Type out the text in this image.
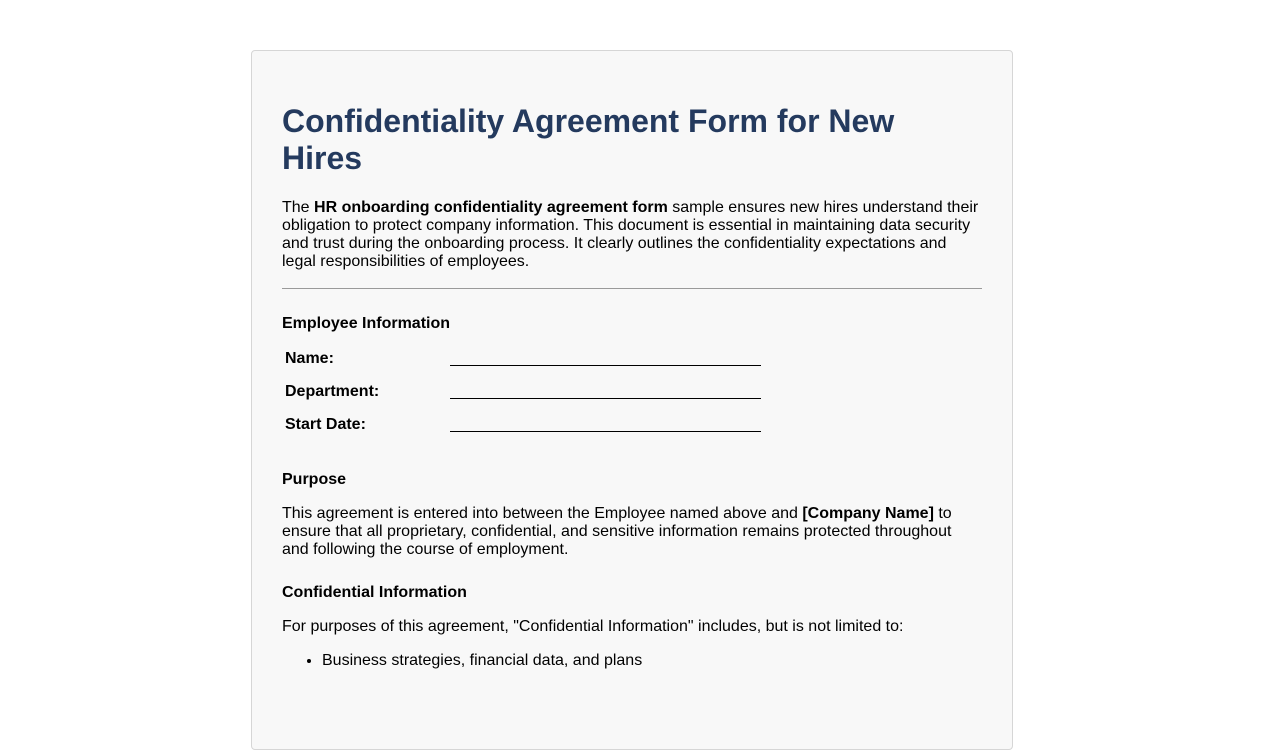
Confidentiality Agreement Form for New Hires

The HR onboarding confidentiality agreement form sample ensures new hires understand their obligation to protect company information. This document is essential in maintaining data security and trust during the onboarding process. It clearly outlines the confidentiality expectations and legal responsibilities of employees.

Employee Information
Name:
Department:
Start Date:
Purpose

This agreement is entered into between the Employee named above and [Company Name] to ensure that all proprietary, confidential, and sensitive information remains protected throughout and following the course of employment.

Confidential Information

For purposes of this agreement, "Confidential Information" includes, but is not limited to:

• Business strategies, financial data, and plans
